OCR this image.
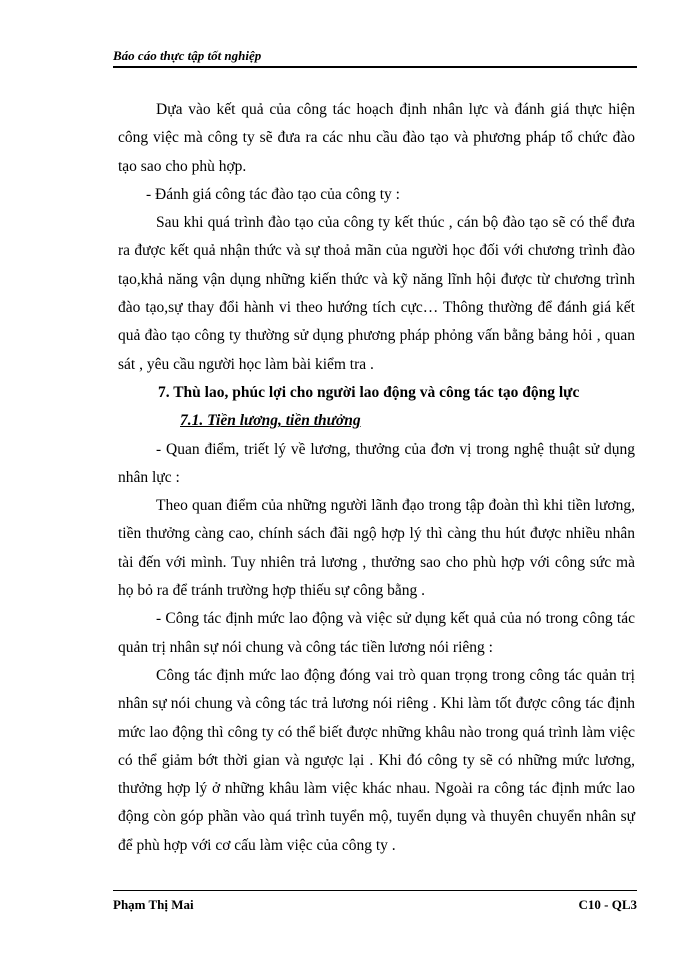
Báo cáo thực tập tốt nghiệp

Dựa vào kết quả của công tác hoạch định nhân lực và đánh giá thực hiện công việc mà công ty sẽ đưa ra các nhu cầu đào tạo và phương pháp tổ chức đào tạo sao cho phù hợp.

- Đánh giá công tác đào tạo của công ty :

Sau khi quá trình đào tạo của công ty kết thúc , cán bộ đào tạo sẽ có thể đưa ra được kết quả nhận thức và sự thoả mãn của người học đối với chương trình đào tạo,khả năng vận dụng những kiến thức và kỹ năng lĩnh hội được từ chương trình đào tạo,sự thay đổi hành vi theo hướng tích cực… Thông thường để đánh giá kết quả đào tạo công ty thường sử dụng phương pháp phỏng vấn bằng bảng hỏi , quan sát , yêu cầu người học làm bài kiểm tra .

7. Thù lao, phúc lợi cho người lao động và công tác tạo động lực

7.1. Tiền lương, tiền thưởng

- Quan điểm, triết lý về lương, thưởng của đơn vị trong nghệ thuật sử dụng nhân lực :

Theo quan điểm của những người lãnh đạo trong tập đoàn thì khi tiền lương, tiền thưởng càng cao, chính sách đãi ngộ hợp lý thì càng thu hút được nhiều nhân tài đến với mình. Tuy nhiên trả lương , thưởng sao cho phù hợp với công sức mà họ bỏ ra để tránh trường hợp thiếu sự công bằng .

- Công tác định mức lao động và việc sử dụng kết quả của nó trong công tác quản trị nhân sự nói chung và công tác tiền lương nói riêng :

Công tác định mức lao động đóng vai trò quan trọng trong công tác quản trị nhân sự nói chung và công tác trả lương nói riêng . Khi làm tốt được công tác định mức lao động thì công ty có thể biết được những khâu nào trong quá trình làm việc có thể giảm bớt thời gian và ngược lại . Khi đó công ty sẽ có những mức lương, thưởng hợp lý ở những khâu làm việc khác nhau. Ngoài ra công tác định mức lao động còn góp phần vào quá trình tuyển mộ, tuyển dụng và thuyên chuyển nhân sự để phù hợp với cơ cấu làm việc của công ty .

Phạm Thị Mai	C10 - QL3
